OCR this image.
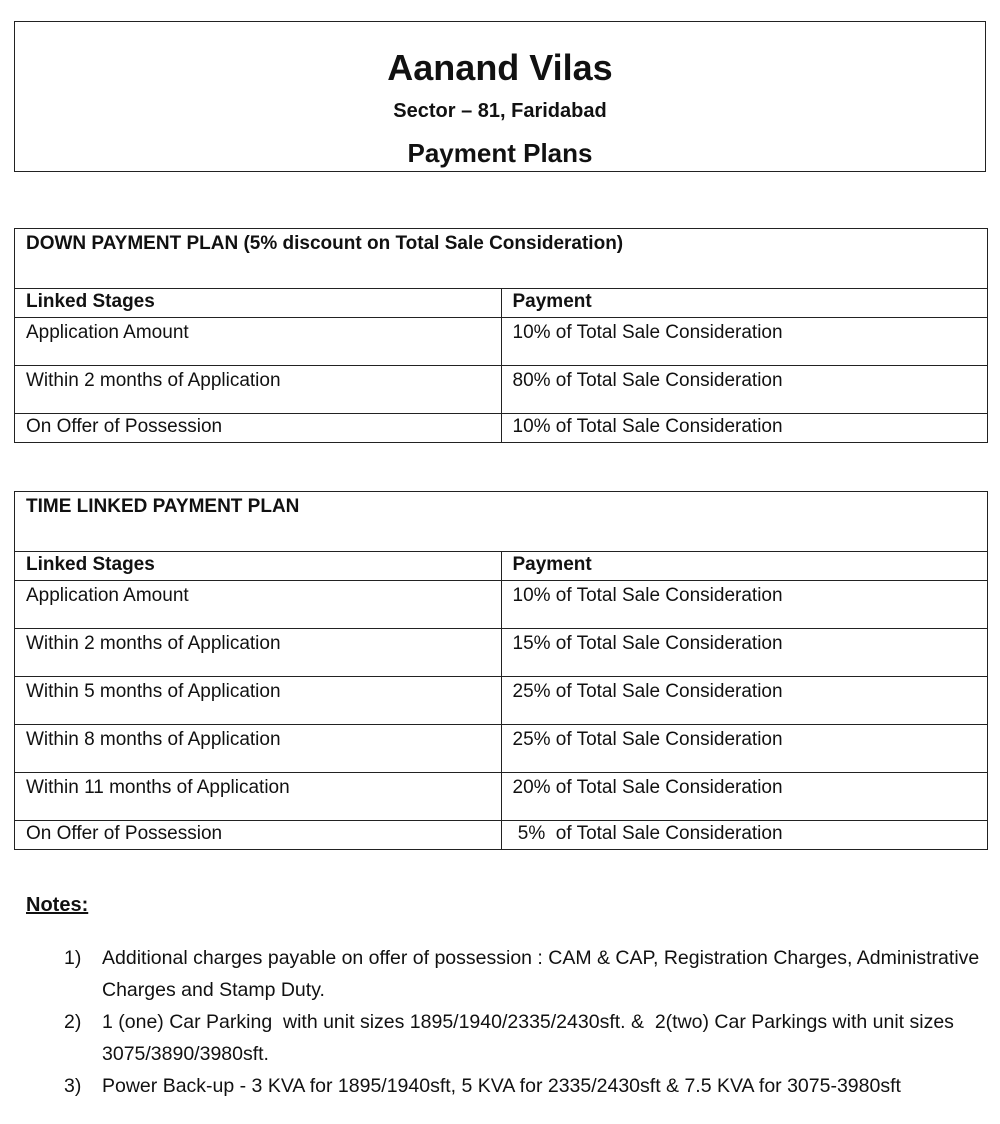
Aanand Vilas
Sector – 81, Faridabad
Payment Plans
DOWN PAYMENT PLAN (5% discount on Total Sale Consideration)	
Linked Stages	Payment
Application Amount	10% of Total Sale Consideration
Within 2 months of Application	80% of Total Sale Consideration
On Offer of Possession	10% of Total Sale Consideration
TIME LINKED PAYMENT PLAN	
Linked Stages	Payment
Application Amount	10% of Total Sale Consideration
Within 2 months of Application	15% of Total Sale Consideration
Within 5 months of Application	25% of Total Sale Consideration
Within 8 months of Application	25% of Total Sale Consideration
Within 11 months of Application	20% of Total Sale Consideration
On Offer of Possession	5%  of Total Sale Consideration
Notes:
1) Additional charges payable on offer of possession : CAM & CAP, Registration Charges, Administrative Charges and Stamp Duty.
2) 1 (one) Car Parking  with unit sizes 1895/1940/2335/2430sft. &  2(two) Car Parkings with unit sizes 3075/3890/3980sft.
3) Power Back-up - 3 KVA for 1895/1940sft, 5 KVA for 2335/2430sft & 7.5 KVA for 3075-3980sft
